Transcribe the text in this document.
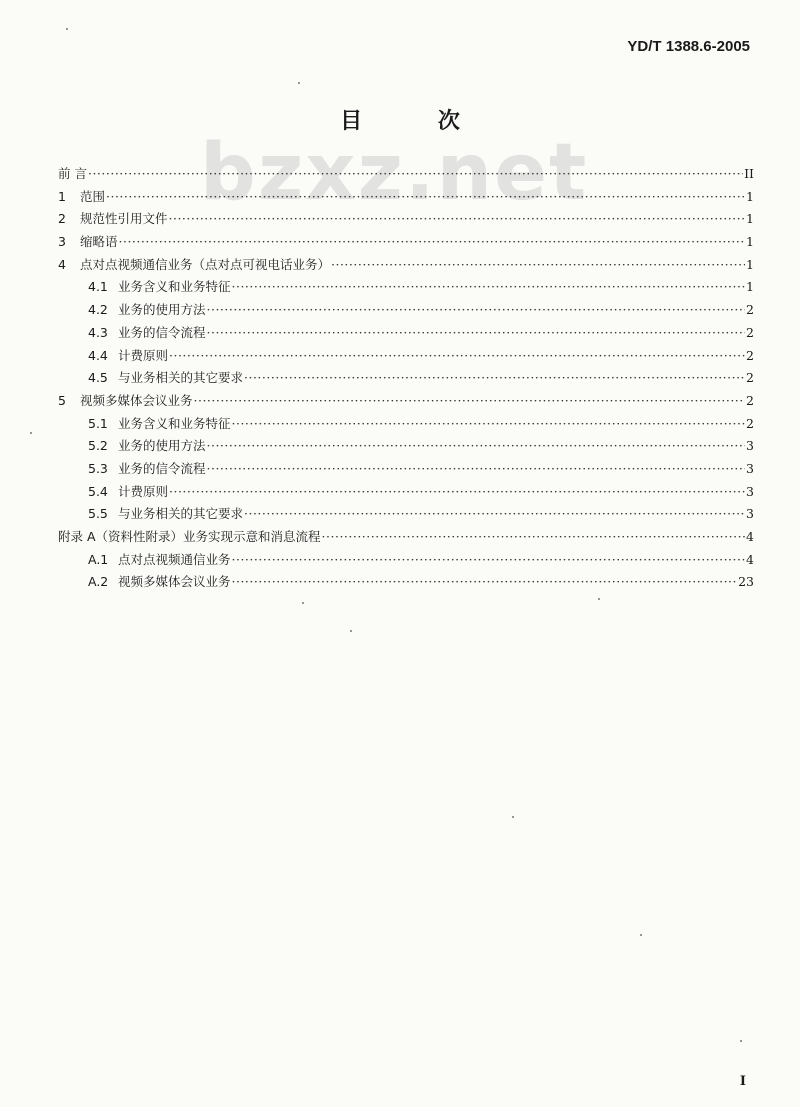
YD/T 1388.6-2005
bzxz.net
目 次
前 言 ·····	II
1	范围 ·····	1
2	规范性引用文件 ·····	1
3	缩略语 ·····	1
4	点对点视频通信业务（点对点可视电话业务） ·····	1
4.1 业务含义和业务特征 ·····	1
4.2 业务的使用方法 ·····	2
4.3 业务的信令流程 ·····	2
4.4 计费原则 ·····	2
4.5 与业务相关的其它要求 ·····	2
5	视频多媒体会议业务 ·····	2
5.1 业务含义和业务特征 ·····	2
5.2 业务的使用方法 ·····	3
5.3 业务的信令流程 ·····	3
5.4 计费原则 ·····	3
5.5 与业务相关的其它要求 ·····	3
附录 A （资料性附录）业务实现示意和消息流程 ·····	4
A.1 点对点视频通信业务 ·····	4
A.2 视频多媒体会议业务 ·····	23
I
